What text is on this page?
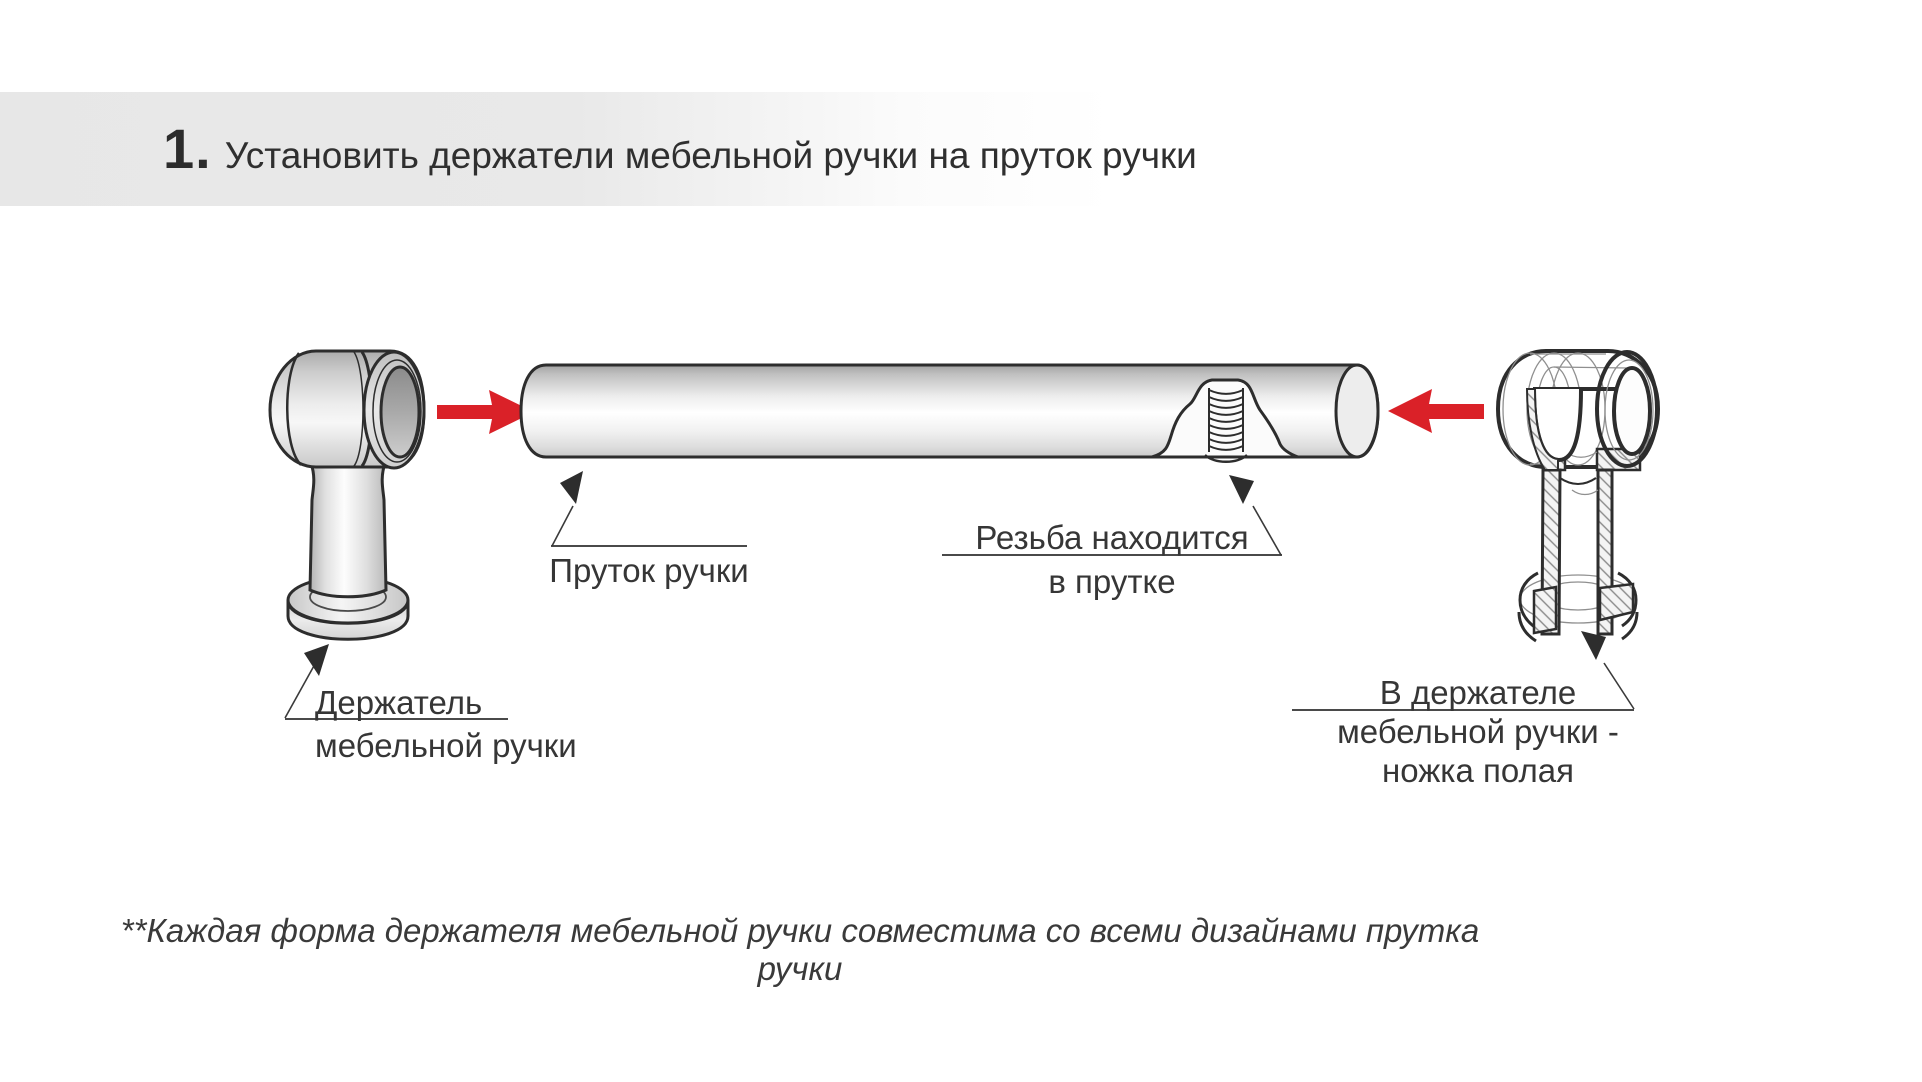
1. Установить держатели мебельной ручки на пруток ручки
Держатель
мебельной ручки
Пруток ручки
Резьба находится
в прутке
В держателе
мебельной ручки -
ножка полая
**Каждая форма держателя мебельной ручки совместима со всеми дизайнами прутка ручки
